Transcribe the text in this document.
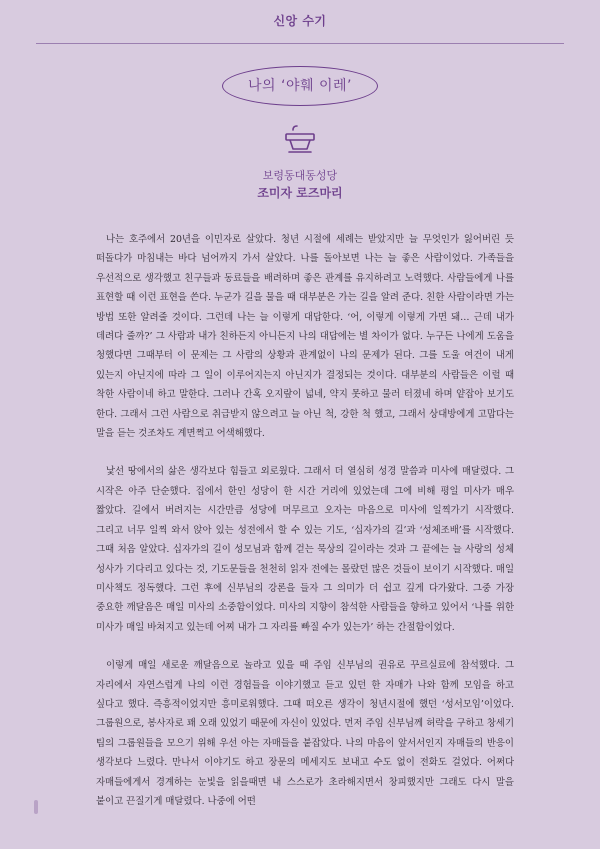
신앙 수기
나의 ‘야훼 이레’
보령동대동성당
조미자 로즈마리

나는 호주에서 20년을 이민자로 살았다. 청년 시절에 세례는 받았지만 늘 무엇인가 잃어버린 듯 떠돌다가 마침내는 바다 넘어까지 가서 살았다. 나를 돌아보면 나는 늘 좋은 사람이었다. 가족들을 우선적으로 생각했고 친구들과 동료들을 배려하며 좋은 관계를 유지하려고 노력했다. 사람들에게 나를 표현할 때 이런 표현을 쓴다. 누군가 길을 물을 때 대부분은 가는 길을 알려 준다. 친한 사람이라면 가는 방법 또한 알려줄 것이다. 그런데 나는 늘 이렇게 대답한다. ‘어, 이렇게 이렇게 가면 돼… 근데 내가 데려다 줄까?’ 그 사람과 내가 친하든지 아니든지 나의 대답에는 별 차이가 없다. 누구든 나에게 도움을 청했다면 그때부터 이 문제는 그 사람의 상황과 관계없이 나의 문제가 된다. 그를 도울 여건이 내게 있는지 아닌지에 따라 그 일이 이루어지는지 아닌지가 결정되는 것이다. 대부분의 사람들은 이럴 때 착한 사람이네 하고 말한다. 그러나 간혹 오지랖이 넓네, 약지 못하고 물러 터졌네 하며 얕잡아 보기도 한다. 그래서 그런 사람으로 취급받지 않으려고 늘 아닌 척, 강한 척 했고, 그래서 상대방에게 고맙다는 말을 듣는 것조차도 계면쩍고 어색해했다.

낯선 땅에서의 삶은 생각보다 힘들고 외로웠다. 그래서 더 열심히 성경 말씀과 미사에 매달렸다. 그 시작은 아주 단순했다. 집에서 한인 성당이 한 시간 거리에 있었는데 그에 비해 평일 미사가 매우 짧았다. 길에서 버려지는 시간만큼 성당에 머무르고 오자는 마음으로 미사에 일찍가기 시작했다. 그리고 너무 일찍 와서 앉아 있는 성전에서 할 수 있는 기도, ‘십자가의 길’과 ‘성체조배’를 시작했다. 그때 처음 알았다. 십자가의 길이 성모님과 함께 걷는 묵상의 길이라는 것과 그 끝에는 늘 사랑의 성체 성사가 기다리고 있다는 것, 기도문들을 천천히 읽자 전에는 몰랐던 많은 것들이 보이기 시작했다. 매일 미사책도 정독했다. 그런 후에 신부님의 강론을 들자 그 의미가 더 쉽고 깊게 다가왔다. 그중 가장 중요한 깨달음은 매일 미사의 소중함이었다. 미사의 지향이 참석한 사람들을 향하고 있어서 ‘나를 위한 미사가 매일 바쳐지고 있는데 어찌 내가 그 자리를 빠질 수가 있는가’ 하는 간절함이었다.

이렇게 매일 새로운 깨달음으로 놀라고 있을 때 주임 신부님의 권유로 꾸르실료에 참석했다. 그 자리에서 자연스럽게 나의 이런 경험들을 이야기했고 듣고 있던 한 자매가 나와 함께 모임을 하고 싶다고 했다. 즉흥적이었지만 흥미로워했다. 그때 떠오른 생각이 청년시절에 했던 ‘성서모임’이었다. 그룹원으로, 봉사자로 꽤 오래 있었기 때문에 자신이 있었다. 먼저 주임 신부님께 허락을 구하고 창세기 팀의 그룹원들을 모으기 위해 우선 아는 자매들을 붙잡았다. 나의 마음이 앞서서인지 자매들의 반응이 생각보다 느렸다. 만나서 이야기도 하고 장문의 메세지도 보내고 수도 없이 전화도 걸었다. 어쩌다 자매들에게서 경계하는 눈빛을 읽을때면 내 스스로가 초라해지면서 창피했지만 그래도 다시 말을 붙이고 끈질기게 매달렸다. 나중에 어떤
